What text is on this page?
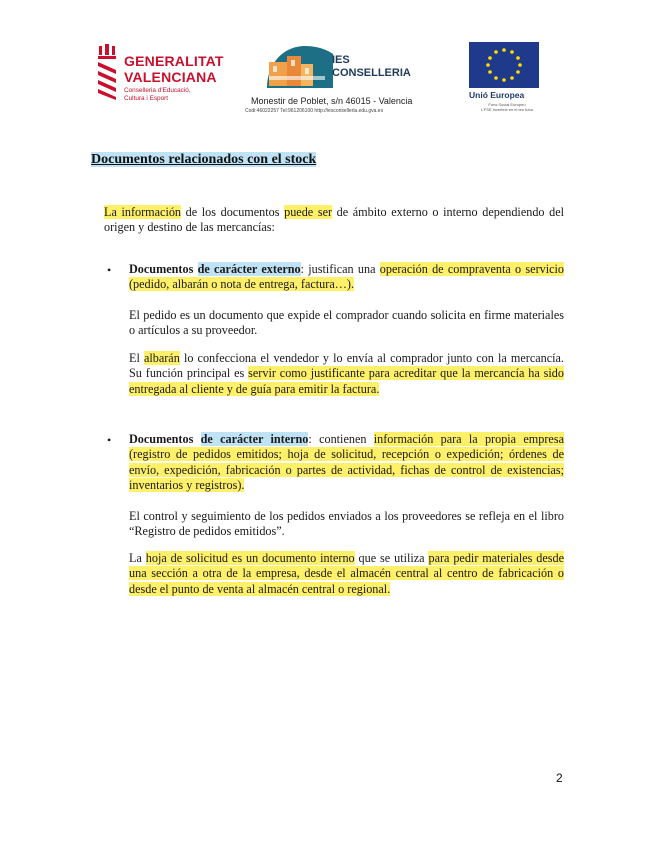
GENERALITAT
VALENCIANA
Conselleria d'Educació,
Cultura i Esport
IES
CONSELLERIA
Monestir de Poblet, s/n 46015 - Valencia
Codi:46022257 Tel:961206100 http://iesconselleria.edu.gva.es
Unió Europea
Fons Social Europeu
L'FSE inverteix en el teu futur
Documentos relacionados con el stock
La información de los documentos puede ser de ámbito externo o interno dependiendo del origen y destino de las mercancías:
• Documentos de carácter externo: justifican una operación de compraventa o servicio (pedido, albarán o nota de entrega, factura…).
El pedido es un documento que expide el comprador cuando solicita en firme materiales o artículos a su proveedor.
El albarán lo confecciona el vendedor y lo envía al comprador junto con la mercancía. Su función principal es servir como justificante para acreditar que la mercancía ha sido entregada al cliente y de guía para emitir la factura.
• Documentos de carácter interno: contienen información para la propia empresa (registro de pedidos emitidos; hoja de solicitud, recepción o expedición; órdenes de envío, expedición, fabricación o partes de actividad, fichas de control de existencias; inventarios y registros).
El control y seguimiento de los pedidos enviados a los proveedores se refleja en el libro “Registro de pedidos emitidos”.
La hoja de solicitud es un documento interno que se utiliza para pedir materiales desde una sección a otra de la empresa, desde el almacén central al centro de fabricación o desde el punto de venta al almacén central o regional.
2
